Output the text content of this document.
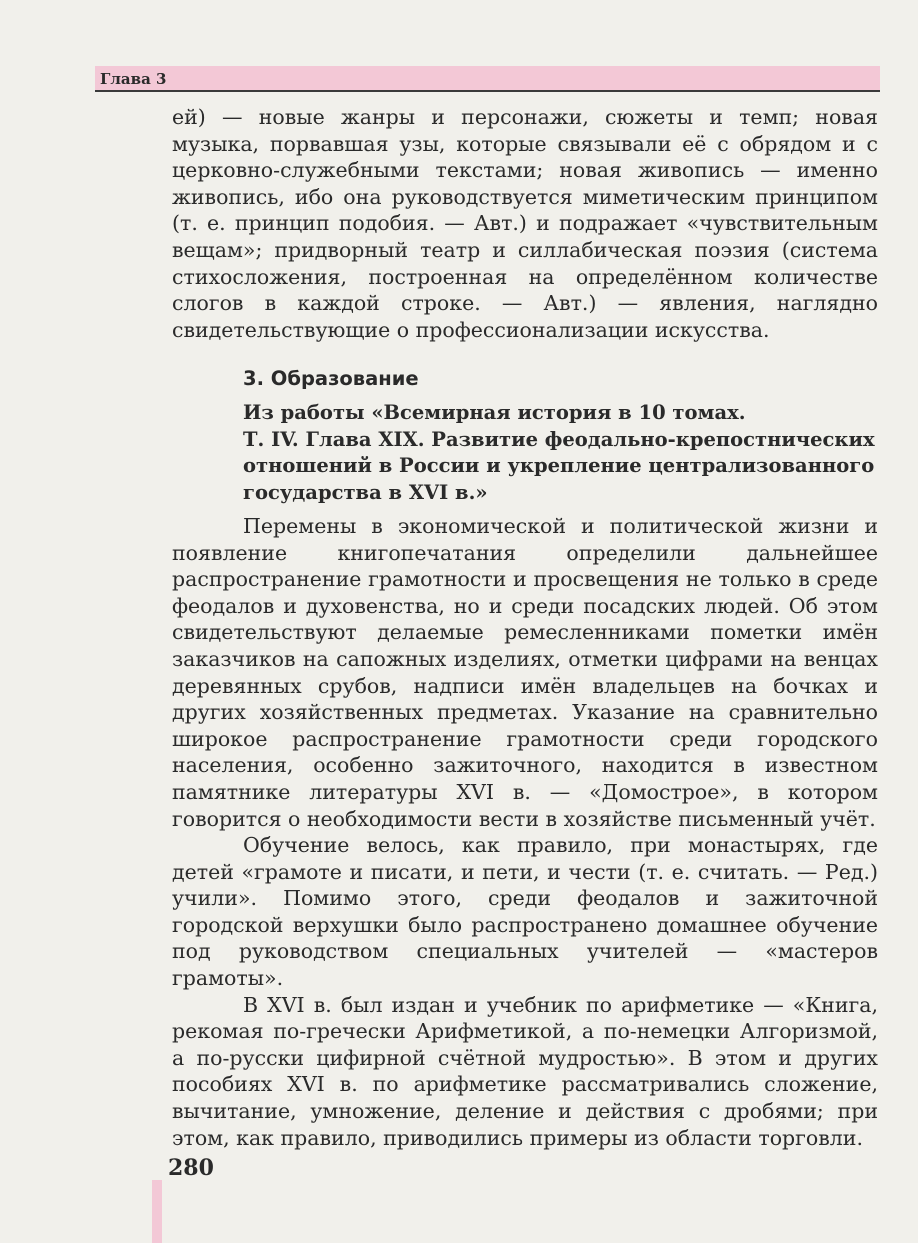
Глава 3

ей) — новые жанры и персонажи, сюжеты и темп; новая музыка, порвавшая узы, которые связывали её с обрядом и с церковно-служебными текстами; новая живопись — именно живопись, ибо она руководствуется миметическим принципом (т. е. принцип подобия. — Авт.) и подражает «чувствительным вещам»; придворный театр и силлабическая поэзия (система стихосложения, построенная на определённом количестве слогов в каждой строке. — Авт.) — явления, наглядно свидетельствующие о профессионализации искусства.

3. Образование
Из работы «Всемирная история в 10 томах.
Т. IV. Глава XIX. Развитие феодально-крепостнических
отношений в России и укрепление централизованного
государства в XVI в.»

Перемены в экономической и политической жизни и появление книгопечатания определили дальнейшее распространение грамотности и просвещения не только в среде феодалов и духовенства, но и среди посадских людей. Об этом свидетельствуют делаемые ремесленниками пометки имён заказчиков на сапожных изделиях, отметки цифрами на венцах деревянных срубов, надписи имён владельцев на бочках и других хозяйственных предметах. Указание на сравнительно широкое распространение грамотности среди городского населения, особенно зажиточного, находится в известном памятнике литературы XVI в. — «Домострое», в котором говорится о необходимости вести в хозяйстве письменный учёт.

Обучение велось, как правило, при монастырях, где детей «грамоте и писати, и пети, и чести (т. е. считать. — Ред.) учили». Помимо этого, среди феодалов и зажиточной городской верхушки было распространено домашнее обучение под руководством специальных учителей — «мастеров грамоты».

В XVI в. был издан и учебник по арифметике — «Книга, рекомая по-гречески Арифметикой, а по-немецки Алгоризмой, а по-русски цифирной счётной мудростью». В этом и других пособиях XVI в. по арифметике рассматривались сложение, вычитание, умножение, деление и действия с дробями; при этом, как правило, приводились примеры из области торговли.

280
